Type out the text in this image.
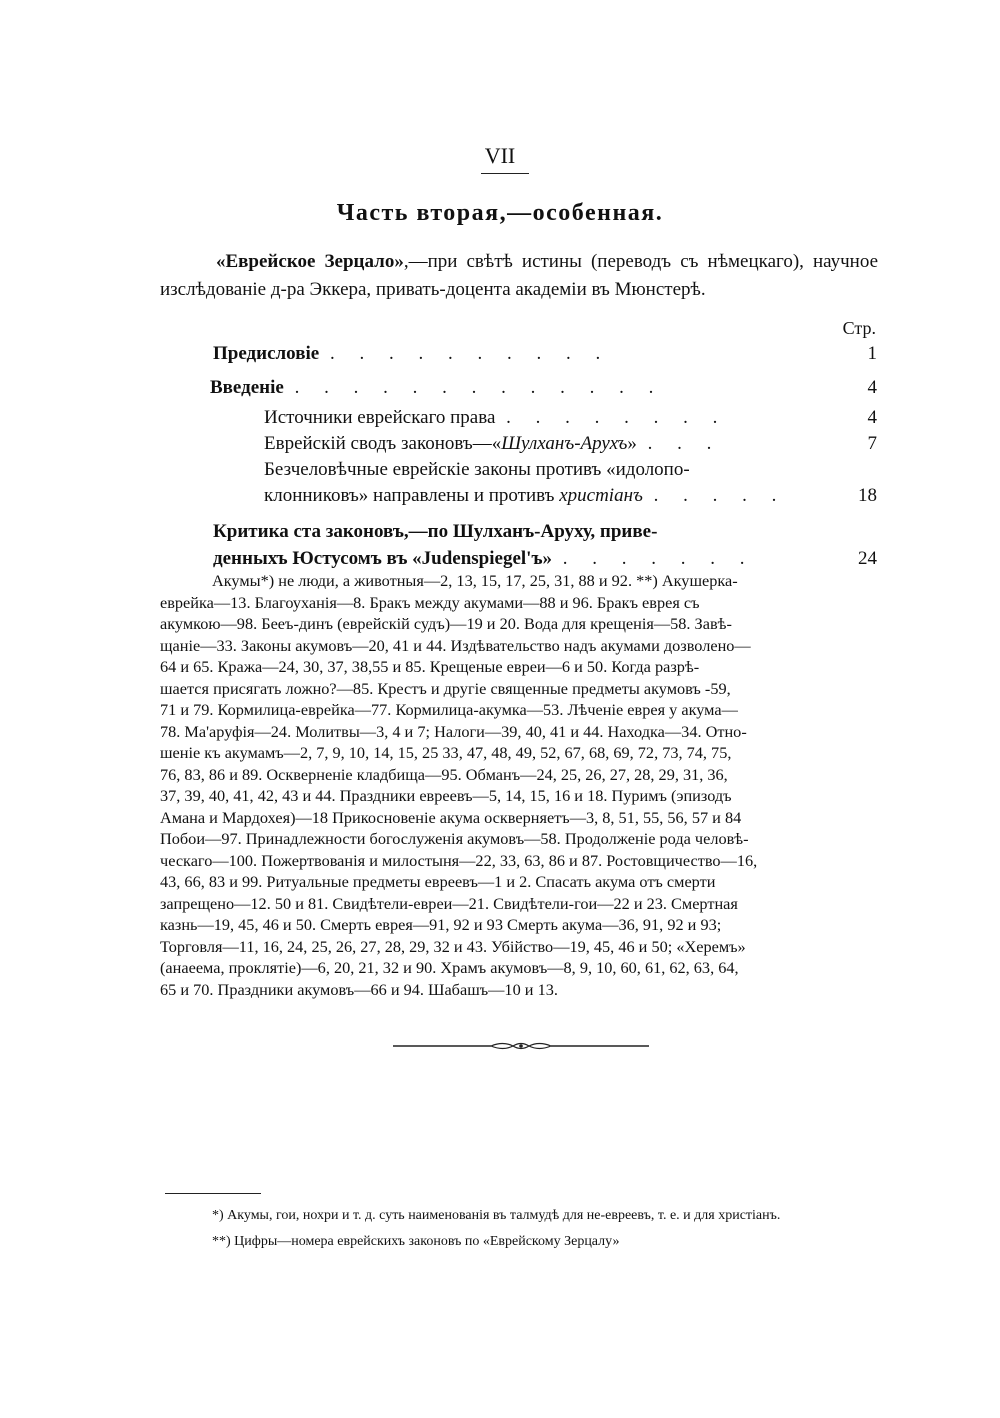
VII
Часть вторая,—особенная.

«Еврейское Зерцало»,—при свѣтѣ истины (переводъ съ нѣмецкаго), научное изслѣдованіе д-ра Эккера, привать-доцента академіи въ Мюнстерѣ.

Стр.
Предисловіе . . . . . . . . . .	1
Введеніе . . . . . . . . . . . . .	4
Источники еврейскаго права . . . . . . . .	4
Еврейскій сводъ законовъ—«Шулханъ-Арухъ» . . .	7
Безчеловѣчные еврейскіе законы противъ «идолопо-
клонниковъ» направлены и противъ христіанъ . . . . .	18
Критика ста законовъ,—по Шулханъ-Аруху, приве-
денныхъ Юстусомъ въ «Judenspiegel'ъ» . . . . . . .	24
Акумы*) не люди, а животныя—2, 13, 15, 17, 25, 31, 88 и 92. **) Акушерка-
еврейка—13. Благоуханія—8. Бракъ между акумами—88 и 96. Бракъ еврея съ
акумкою—98. Бееъ-динъ (еврейскій судъ)—19 и 20. Вода для крещенія—58. Завѣ-
щаніе—33. Законы акумовъ—20, 41 и 44. Издѣвательство надъ акумами дозволено—
64 и 65. Кража—24, 30, 37, 38,55 и 85. Крещеные евреи—6 и 50. Когда разрѣ-
шается присягать ложно?—85. Крестъ и другіе священные предметы акумовъ -59,
71 и 79. Кормилица-еврейка—77. Кормилица-акумка—53. Лѣченіе еврея у акума—
78. Ма'аруфія—24. Молитвы—3, 4 и 7; Налоги—39, 40, 41 и 44. Находка—34. Отно-
шеніе къ акумамъ—2, 7, 9, 10, 14, 15, 25 33, 47, 48, 49, 52, 67, 68, 69, 72, 73, 74, 75,
76, 83, 86 и 89. Оскверненіе кладбища—95. Обманъ—24, 25, 26, 27, 28, 29, 31, 36,
37, 39, 40, 41, 42, 43 и 44. Праздники евреевъ—5, 14, 15, 16 и 18. Пуримъ (эпизодъ
Амана и Мардохея)—18 Прикосновеніе акума оскверняетъ—3, 8, 51, 55, 56, 57 и 84
Побои—97. Принадлежности богослуженія акумовъ—58. Продолженіе рода человѣ-
ческаго—100. Пожертвованія и милостыня—22, 33, 63, 86 и 87. Ростовщичество—16,
43, 66, 83 и 99. Ритуальные предметы евреевъ—1 и 2. Спасать акума отъ смерти
запрещено—12. 50 и 81. Свидѣтели-евреи—21. Свидѣтели-гои—22 и 23. Смертная
казнь—19, 45, 46 и 50. Смерть еврея—91, 92 и 93 Смерть акума—36, 91, 92 и 93;
Торговля—11, 16, 24, 25, 26, 27, 28, 29, 32 и 43. Убійство—19, 45, 46 и 50; «Херемъ»
(анаеема, проклятіе)—6, 20, 21, 32 и 90. Храмъ акумовъ—8, 9, 10, 60, 61, 62, 63, 64,
65 и 70. Праздники акумовъ—66 и 94. Шабашъ—10 и 13.

*) Акумы, гои, нохри и т. д. суть наименованія въ талмудѣ для не-евреевъ, т. е. и для христіанъ.

**) Цифры—номера еврейскихъ законовъ по «Еврейскому Зерцалу»
